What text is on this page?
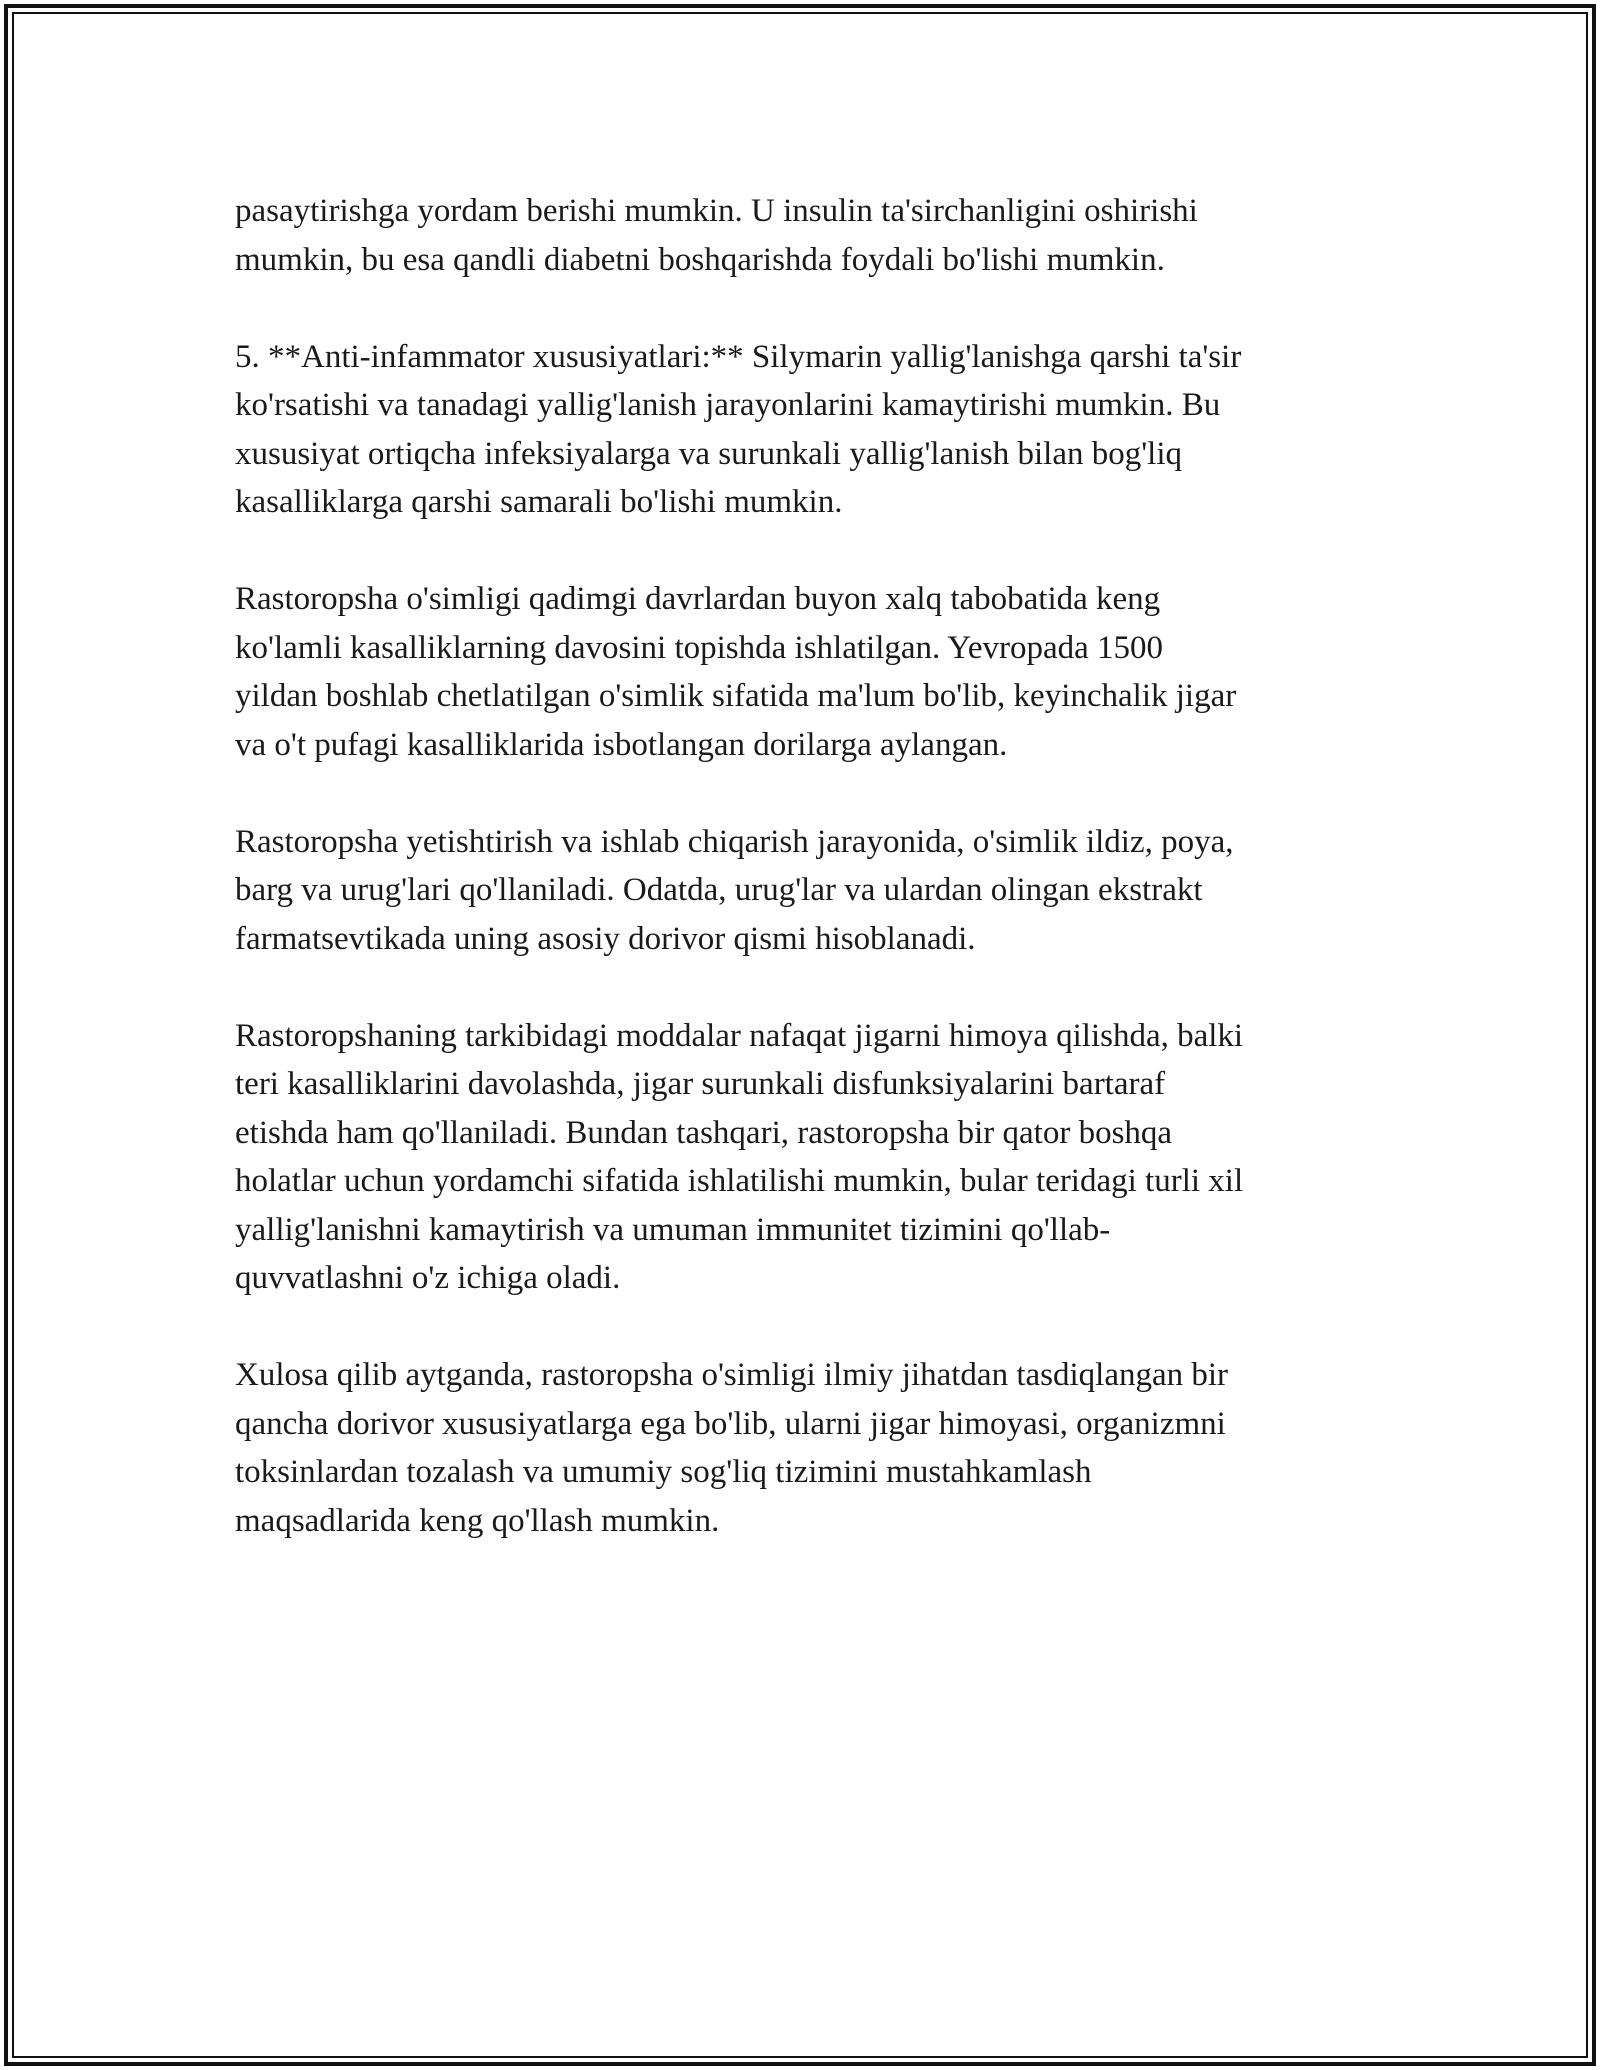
pasaytirishga yordam berishi mumkin. U insulin ta'sirchanligini oshirishi
mumkin, bu esa qandli diabetni boshqarishda foydali bo'lishi mumkin.

5. **Anti-infammator xususiyatlari:** Silymarin yallig'lanishga qarshi ta'sir
ko'rsatishi va tanadagi yallig'lanish jarayonlarini kamaytirishi mumkin. Bu
xususiyat ortiqcha infeksiyalarga va surunkali yallig'lanish bilan bog'liq
kasalliklarga qarshi samarali bo'lishi mumkin.

Rastoropsha o'simligi qadimgi davrlardan buyon xalq tabobatida keng
ko'lamli kasalliklarning davosini topishda ishlatilgan. Yevropada 1500
yildan boshlab chetlatilgan o'simlik sifatida ma'lum bo'lib, keyinchalik jigar
va o't pufagi kasalliklarida isbotlangan dorilarga aylangan.

Rastoropsha yetishtirish va ishlab chiqarish jarayonida, o'simlik ildiz, poya,
barg va urug'lari qo'llaniladi. Odatda, urug'lar va ulardan olingan ekstrakt
farmatsevtikada uning asosiy dorivor qismi hisoblanadi.

Rastoropshaning tarkibidagi moddalar nafaqat jigarni himoya qilishda, balki
teri kasalliklarini davolashda, jigar surunkali disfunksiyalarini bartaraf
etishda ham qo'llaniladi. Bundan tashqari, rastoropsha bir qator boshqa
holatlar uchun yordamchi sifatida ishlatilishi mumkin, bular teridagi turli xil
yallig'lanishni kamaytirish va umuman immunitet tizimini qo'llab-
quvvatlashni o'z ichiga oladi.

Xulosa qilib aytganda, rastoropsha o'simligi ilmiy jihatdan tasdiqlangan bir
qancha dorivor xususiyatlarga ega bo'lib, ularni jigar himoyasi, organizmni
toksinlardan tozalash va umumiy sog'liq tizimini mustahkamlash
maqsadlarida keng qo'llash mumkin.
